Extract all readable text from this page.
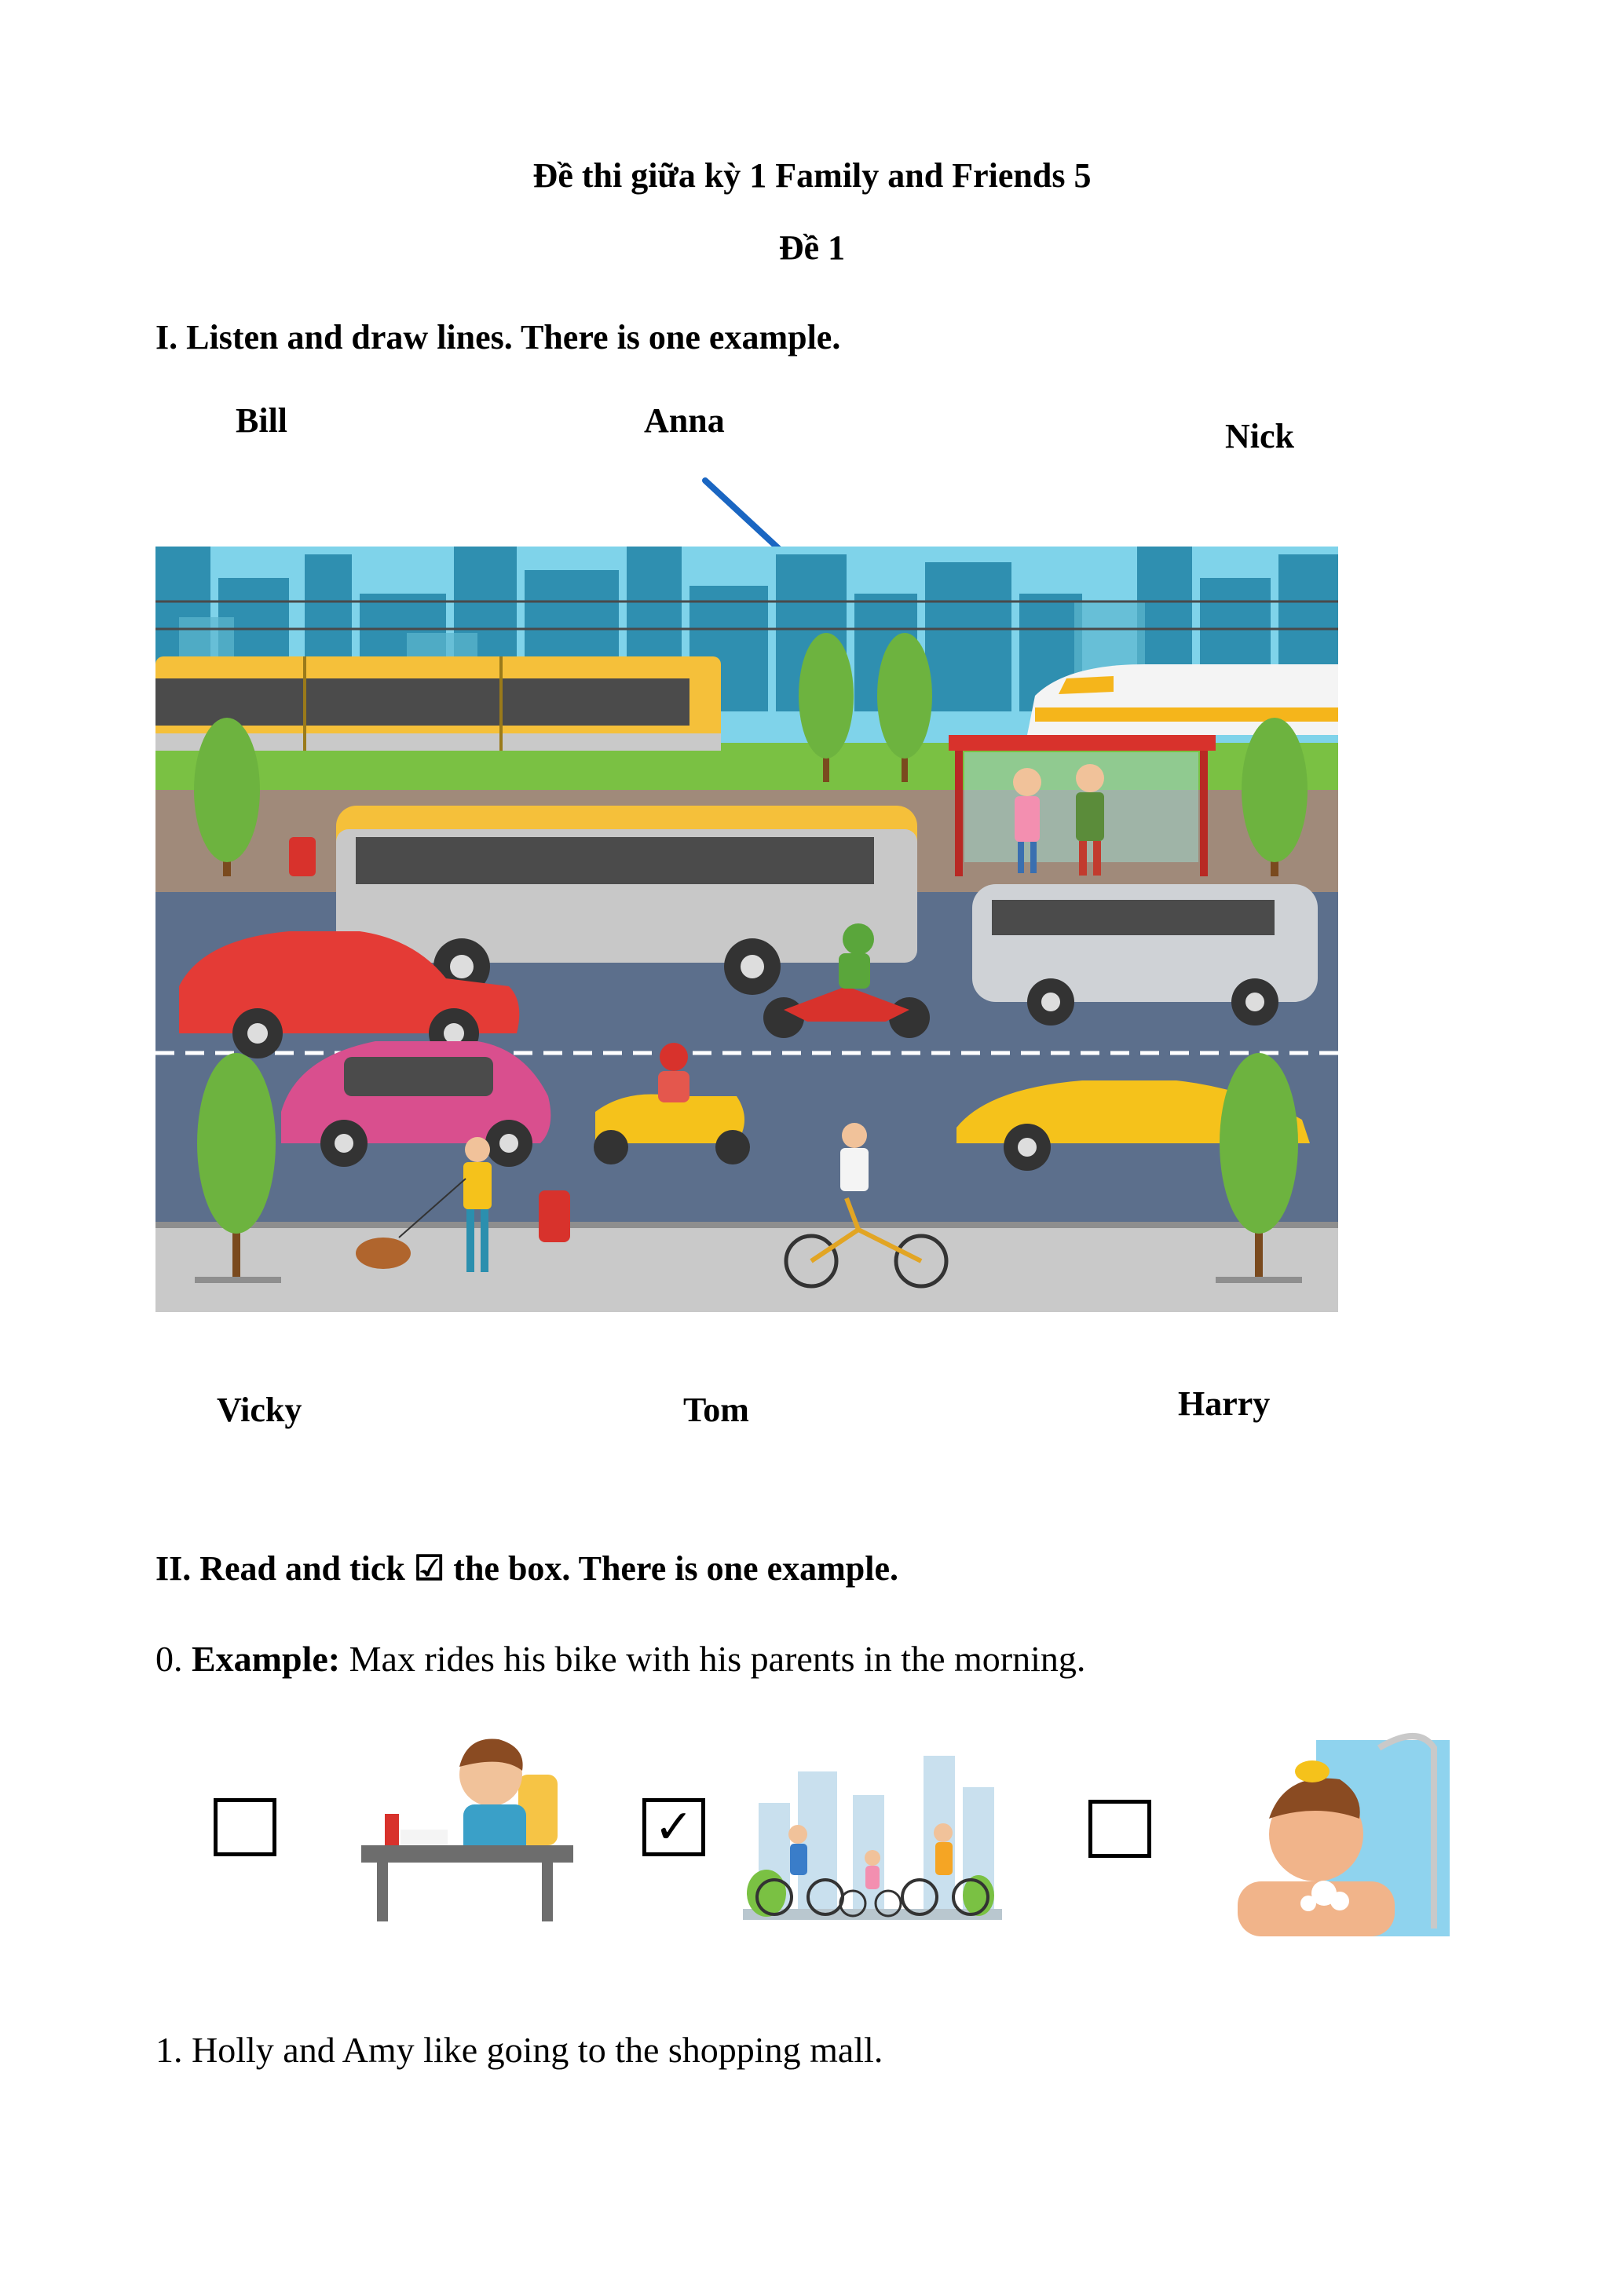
Đề thi giữa kỳ 1 Family and Friends 5
Đề 1
I. Listen and draw lines. There is one example.
Bill	Anna	Nick
Vicky	Tom	Harry
II. Read and tick ☑ the box. There is one example.
0. Example: Max rides his bike with his parents in the morning.
✓
1. Holly and Amy like going to the shopping mall.
